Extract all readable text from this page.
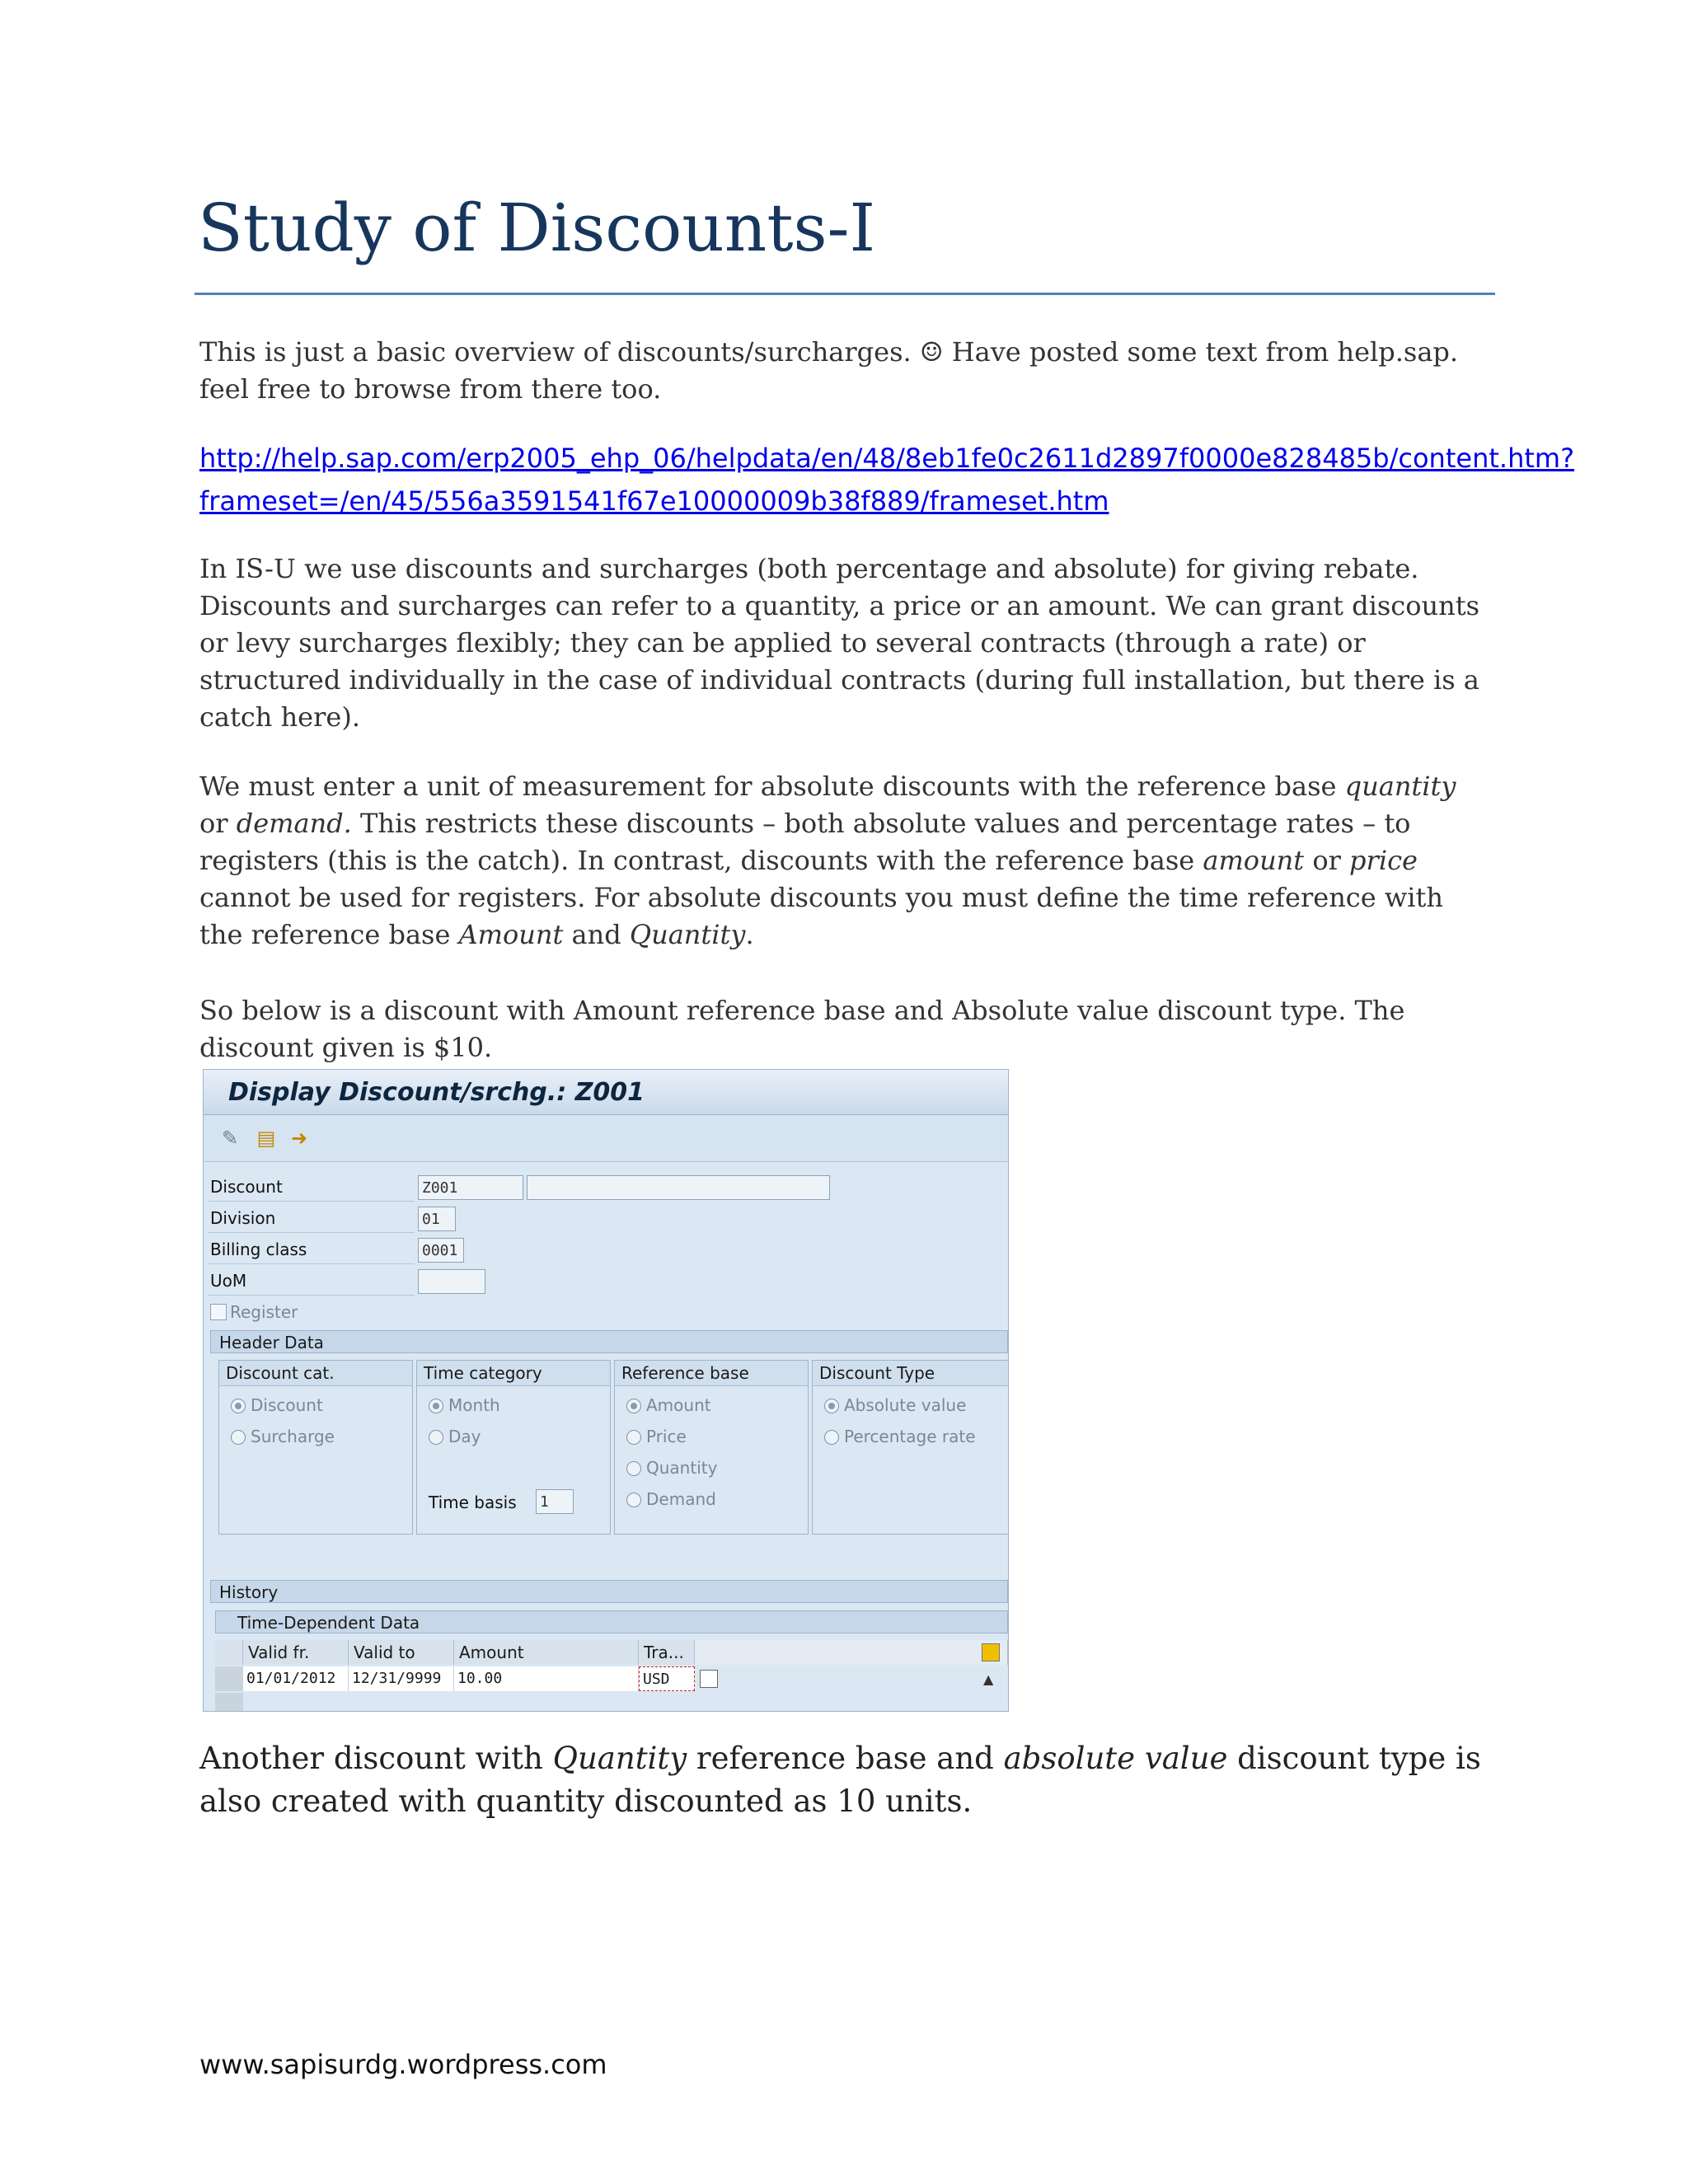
Study of Discounts-I
This is just a basic overview of discounts/surcharges. ☺ Have posted some text from help.sap. feel free to browse from there too.
http://help.sap.com/erp2005_ehp_06/helpdata/en/48/8eb1fe0c2611d2897f0000e828485b/content.htm?frameset=/en/45/556a3591541f67e10000009b38f889/frameset.htm
In IS-U we use discounts and surcharges (both percentage and absolute) for giving rebate. Discounts and surcharges can refer to a quantity, a price or an amount. We can grant discounts or levy surcharges flexibly; they can be applied to several contracts (through a rate) or structured individually in the case of individual contracts (during full installation, but there is a catch here).
We must enter a unit of measurement for absolute discounts with the reference base quantity or demand. This restricts these discounts – both absolute values and percentage rates – to registers (this is the catch). In contrast, discounts with the reference base amount or price cannot be used for registers. For absolute discounts you must define the time reference with the reference base Amount and Quantity.
So below is a discount with Amount reference base and Absolute value discount type. The discount given is $10.
Display Discount/srchg.: Z001
✎ ▤ ➜
Discount	Z001
Division	01
Billing class	0001
UoM
Register
Header Data
Discount cat.
Discount
Surcharge
Time category
Month
Day
Time basis 1
Reference base
Amount
Price
Quantity
Demand
Discount Type
Absolute value
Percentage rate
History
Time-Dependent Data
Valid fr.	Valid to	Amount	Tra...
01/01/2012	12/31/9999	10.00	USD	▲
Another discount with Quantity reference base and absolute value discount type is also created with quantity discounted as 10 units.
www.sapisurdg.wordpress.com
